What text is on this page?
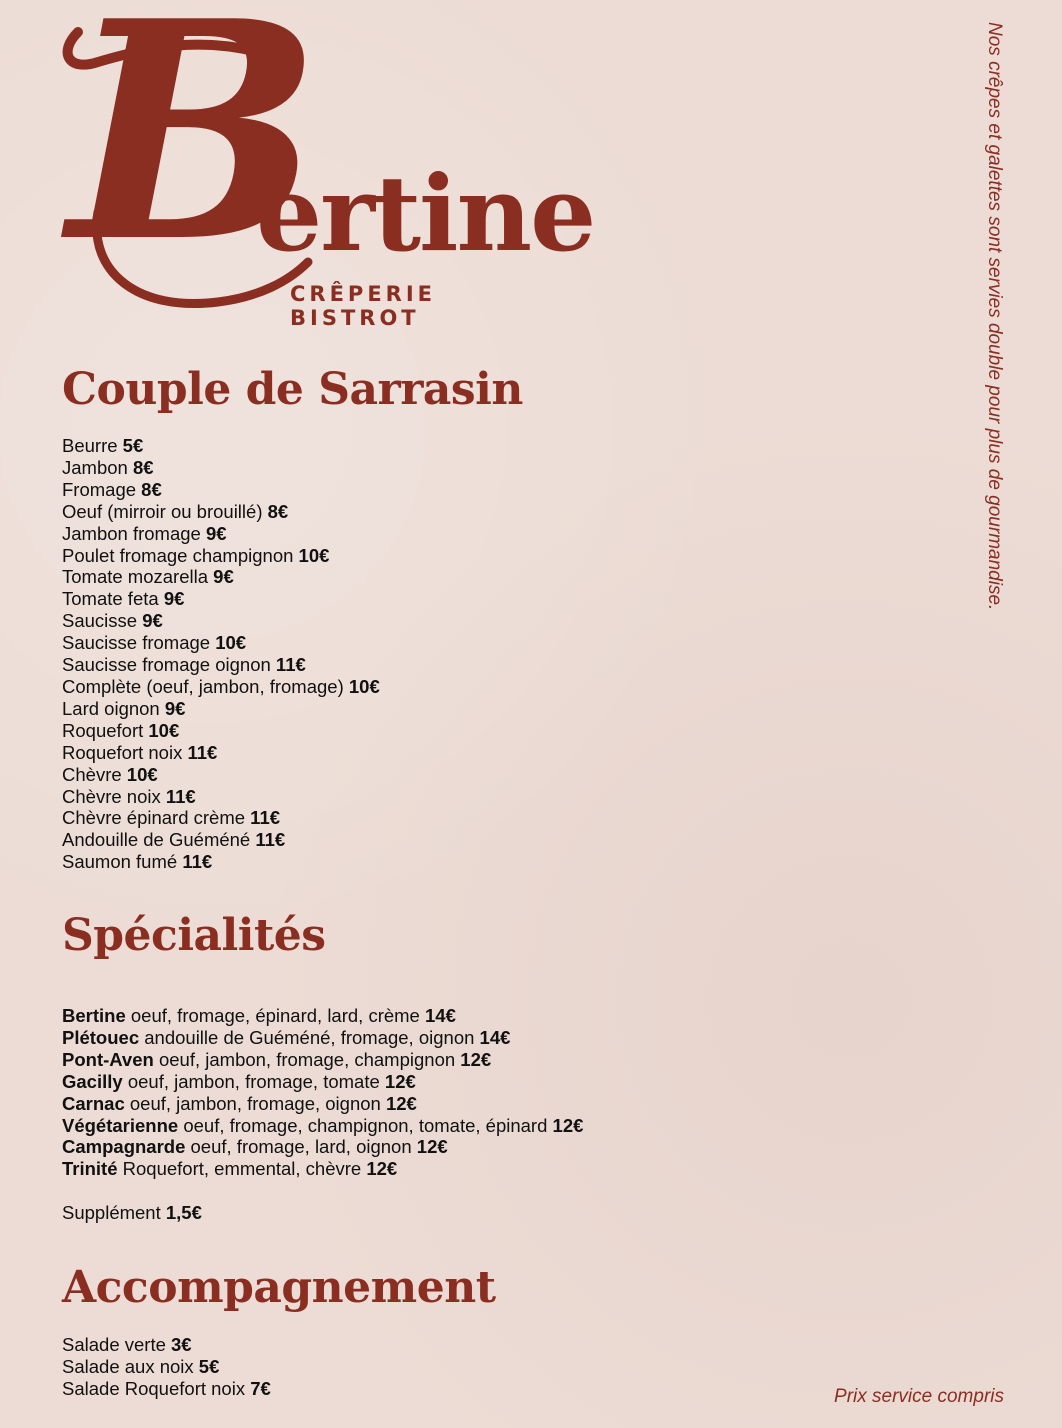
B
ertine
CRÊPERIE BISTROT	Nos crêpes et galettes sont servies double pour plus de gourmandise.
Couple de Sarrasin
Beurre 5€
Jambon 8€
Fromage 8€
Oeuf (mirroir ou brouillé) 8€
Jambon fromage 9€
Poulet fromage champignon 10€
Tomate mozarella 9€
Tomate feta 9€
Saucisse 9€
Saucisse fromage 10€
Saucisse fromage oignon 11€
Complète (oeuf, jambon, fromage) 10€
Lard oignon 9€
Roquefort 10€
Roquefort noix 11€
Chèvre 10€
Chèvre noix 11€
Chèvre épinard crème 11€
Andouille de Guéméné 11€
Saumon fumé 11€
Spécialités
Bertine oeuf, fromage, épinard, lard, crème 14€
Plétouec andouille de Guéméné, fromage, oignon 14€
Pont-Aven oeuf, jambon, fromage, champignon 12€
Gacilly oeuf, jambon, fromage, tomate 12€
Carnac oeuf, jambon, fromage, oignon 12€
Végétarienne oeuf, fromage, champignon, tomate, épinard 12€
Campagnarde oeuf, fromage, lard, oignon 12€
Trinité Roquefort, emmental, chèvre 12€
Supplément 1,5€
Accompagnement
Salade verte 3€
Salade aux noix 5€
Salade Roquefort noix 7€	Prix service compris
